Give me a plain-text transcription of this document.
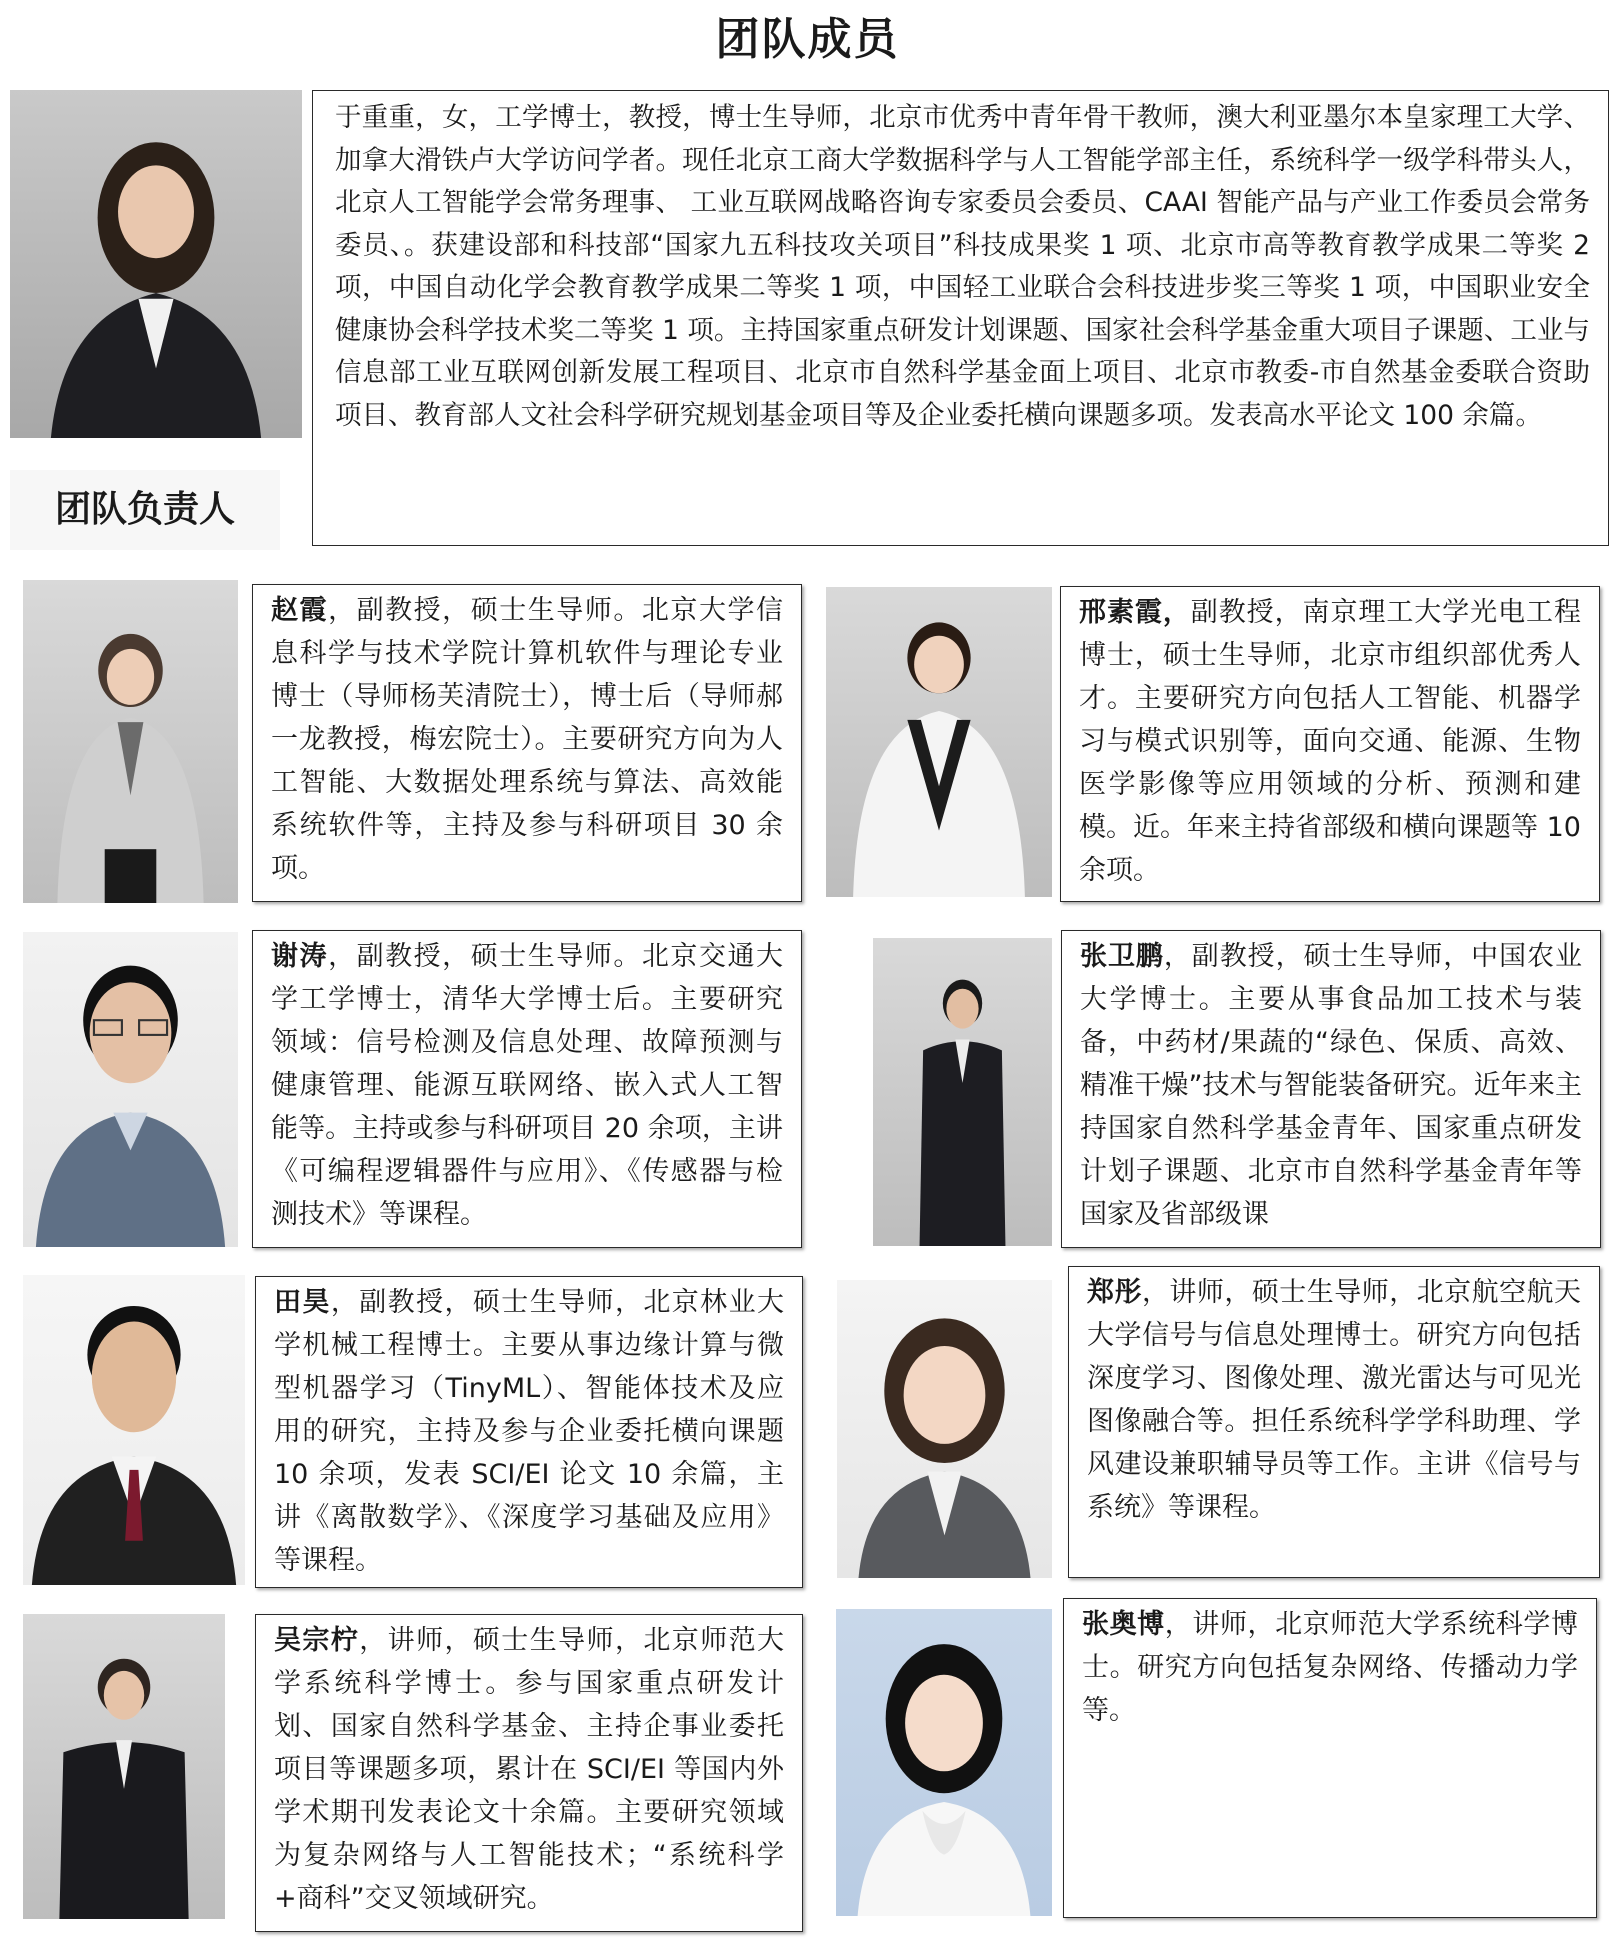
团队成员
团队负责人
于重重，女，工学博士，教授，博士生导师，北京市优秀中青年骨干教师，澳大利亚墨尔本皇家理工大学、加拿大滑铁卢大学访问学者。现任北京工商大学数据科学与人工智能学部主任，系统科学一级学科带头人，北京人工智能学会常务理事、 工业互联网战略咨询专家委员会委员、CAAI 智能产品与产业工作委员会常务委员、。获建设部和科技部“国家九五科技攻关项目”科技成果奖 1 项、北京市高等教育教学成果二等奖 2 项，中国自动化学会教育教学成果二等奖 1 项，中国轻工业联合会科技进步奖三等奖 1 项，中国职业安全健康协会科学技术奖二等奖 1 项。主持国家重点研发计划课题、国家社会科学基金重大项目子课题、工业与信息部工业互联网创新发展工程项目、北京市自然科学基金面上项目、北京市教委-市自然基金委联合资助项目、教育部人文社会科学研究规划基金项目等及企业委托横向课题多项。发表高水平论文 100 余篇。
赵霞，副教授，硕士生导师。北京大学信息科学与技术学院计算机软件与理论专业博士（导师杨芙清院士），博士后（导师郝一龙教授，梅宏院士）。主要研究方向为人工智能、大数据处理系统与算法、高效能系统软件等，主持及参与科研项目 30 余项。
邢素霞，副教授，南京理工大学光电工程博士，硕士生导师，北京市组织部优秀人才。主要研究方向包括人工智能、机器学习与模式识别等，面向交通、能源、生物医学影像等应用领域的分析、预测和建模。近。年来主持省部级和横向课题等 10 余项。
谢涛，副教授，硕士生导师。北京交通大学工学博士，清华大学博士后。主要研究领域：信号检测及信息处理、故障预测与健康管理、能源互联网络、嵌入式人工智能等。主持或参与科研项目 20 余项，主讲《可编程逻辑器件与应用》、《传感器与检测技术》等课程。
张卫鹏，副教授，硕士生导师，中国农业大学博士。主要从事食品加工技术与装备，中药材/果蔬的“绿色、保质、高效、精准干燥”技术与智能装备研究。近年来主持国家自然科学基金青年、国家重点研发计划子课题、北京市自然科学基金青年等国家及省部级课
田昊，副教授，硕士生导师，北京林业大学机械工程博士。主要从事边缘计算与微型机器学习（TinyML）、智能体技术及应用的研究，主持及参与企业委托横向课题 10 余项，发表 SCI/EI 论文 10 余篇，主讲《离散数学》、《深度学习基础及应用》等课程。
郑彤，讲师，硕士生导师，北京航空航天大学信号与信息处理博士。研究方向包括深度学习、图像处理、激光雷达与可见光图像融合等。担任系统科学学科助理、学风建设兼职辅导员等工作。主讲《信号与系统》等课程。
吴宗柠，讲师，硕士生导师，北京师范大学系统科学博士。参与国家重点研发计划、国家自然科学基金、主持企事业委托项目等课题多项，累计在 SCI/EI 等国内外学术期刊发表论文十余篇。主要研究领域为复杂网络与人工智能技术；“系统科学+商科”交叉领域研究。
张奥博，讲师，北京师范大学系统科学博士。研究方向包括复杂网络、传播动力学等。
